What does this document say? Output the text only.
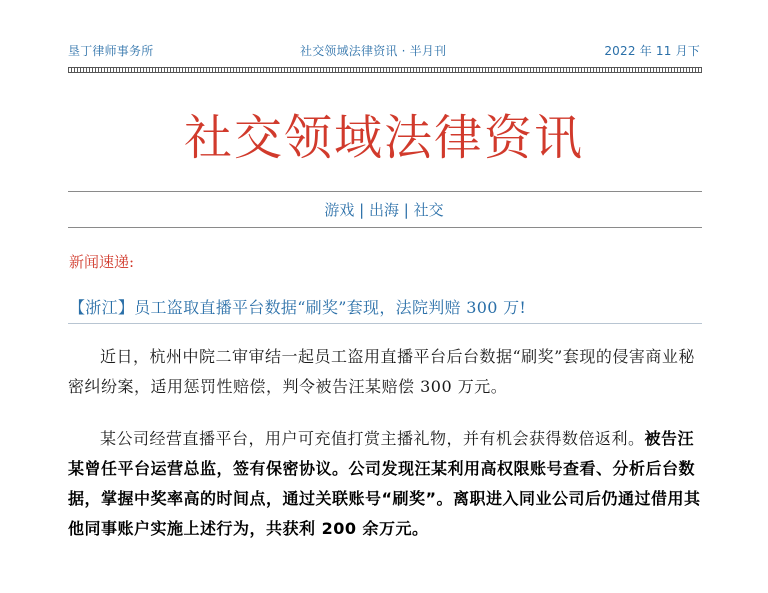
垦丁律师事务所	社交领域法律资讯 · 半月刊	2022 年 11 月下
社交领域法律资讯
游戏 | 出海 | 社交
新闻速递:
【浙江】员工盗取直播平台数据“刷奖”套现，法院判赔 300 万!
近日，杭州中院二审审结一起员工盗用直播平台后台数据“刷奖”套现的侵害商业秘密纠纷案，适用惩罚性赔偿，判令被告汪某赔偿 300 万元。
某公司经营直播平台，用户可充值打赏主播礼物，并有机会获得数倍返利。被告汪某曾任平台运营总监，签有保密协议。公司发现汪某利用高权限账号查看、分析后台数据，掌握中奖率高的时间点，通过关联账号“刷奖”。离职进入同业公司后仍通过借用其他同事账户实施上述行为，共获利 200 余万元。
